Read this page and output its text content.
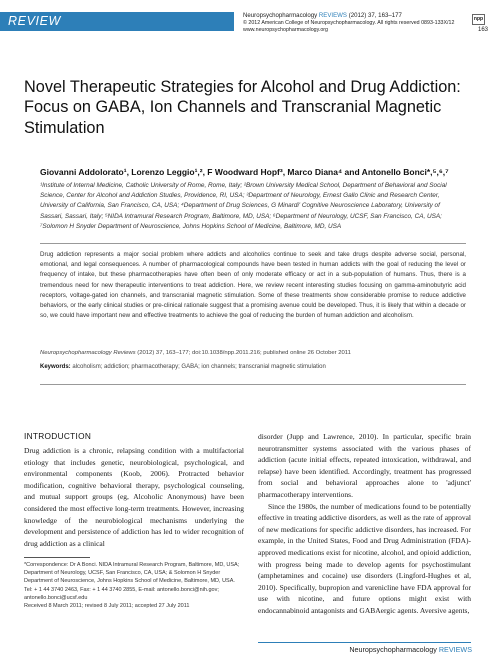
REVIEW	Neuropsychopharmacology REVIEWS (2012) 37, 163–177
© 2012 American College of Neuropsychopharmacology. All rights reserved 0893-133X/12
www.neuropsychopharmacology.org	163
npp
Novel Therapeutic Strategies for Alcohol and Drug Addiction: Focus on GABA, Ion Channels and Transcranial Magnetic Stimulation
Giovanni Addolorato¹, Lorenzo Leggio¹,², F Woodward Hopf³, Marco Diana⁴ and Antonello Bonci*,⁵,⁶,⁷
¹Institute of Internal Medicine, Catholic University of Rome, Rome, Italy; ²Brown University Medical School, Department of Behavioral and Social Science, Center for Alcohol and Addiction Studies, Providence, RI, USA; ³Department of Neurology, Ernest Gallo Clinic and Research Center, University of California, San Francisco, CA, USA; ⁴Department of Drug Sciences, G Minardi' Cognitive Neuroscience Laboratory, University of Sassari, Sassari, Italy; ⁵NIDA Intramural Research Program, Baltimore, MD, USA; ⁶Department of Neurology, UCSF, San Francisco, CA, USA; ⁷Solomon H Snyder Department of Neuroscience, Johns Hopkins School of Medicine, Baltimore, MD, USA
Drug addiction represents a major social problem where addicts and alcoholics continue to seek and take drugs despite adverse social, personal, emotional, and legal consequences. A number of pharmacological compounds have been tested in human addicts with the goal of reducing the level or frequency of intake, but these pharmacotherapies have often been of only moderate efficacy or act in a sub-population of humans. Thus, there is a tremendous need for new therapeutic interventions to treat addiction. Here, we review recent interesting studies focusing on gamma-aminobutyric acid receptors, voltage-gated ion channels, and transcranial magnetic stimulation. Some of these treatments show considerable promise to reduce addictive behaviors, or the early clinical studies or pre-clinical rationale suggest that a promising avenue could be developed. Thus, it is likely that within a decade or so, we could have important new and effective treatments to achieve the goal of reducing the burden of human addiction and alcoholism.
Neuropsychopharmacology Reviews (2012) 37, 163–177; doi:10.1038/npp.2011.216; published online 26 October 2011
Keywords: alcoholism; addiction; pharmacotherapy; GABA; ion channels; transcranial magnetic stimulation
INTRODUCTION
Drug addiction is a chronic, relapsing condition with a multifactorial etiology that includes genetic, neurobiological, psychological, and environmental components (Koob, 2006). Protracted behavior modification, cognitive behavioral therapy, psychological counseling, and mutual support groups (eg, Alcoholic Anonymous) have been considered the most effective long-term treatments. However, increasing knowledge of the neurobiological mechanisms underlying the development and persistence of addiction has led to wider recognition of drug addiction as a clinical

disorder (Jupp and Lawrence, 2010). In particular, specific brain neurotransmitter systems associated with the various phases of addiction (acute initial effects, repeated intoxication, withdrawal, and relapse) have been identified. Accordingly, treatment has progressed from social and behavioral approaches alone to 'adjunct' pharmacotherapy interventions.

Since the 1980s, the number of medications found to be potentially effective in treating addictive disorders, as well as the rate of approval of new medications for specific addictive disorders, has increased. For example, in the United States, Food and Drug Administration (FDA)-approved medications exist for nicotine, alcohol, and opioid addiction, with progress being made to develop agents for psychostimulant (amphetamines and cocaine) use disorders (Lingford-Hughes et al, 2010). Specifically, bupropion and varenicline have FDA approval for use with nicotine, and future options might exist with endocannabinoid antagonists and GABAergic agents. Aversive agents,

*Correspondence: Dr A Bonci. NIDA Intramural Research Program, Baltimore, MD, USA; Department of Neurology, UCSF, San Francisco, CA, USA; & Solomon H Snyder Department of Neuroscience, Johns Hopkins School of Medicine, Baltimore, MD, USA. Tel: + 1 44 3740 2463, Fax: + 1 44 3740 2855, E-mail: antonello.bonci@nih.gov; antonello.bonci@ucsf.edu

Received 8 March 2011; revised 8 July 2011; accepted 27 July 2011

Neuropsychopharmacology REVIEWS
